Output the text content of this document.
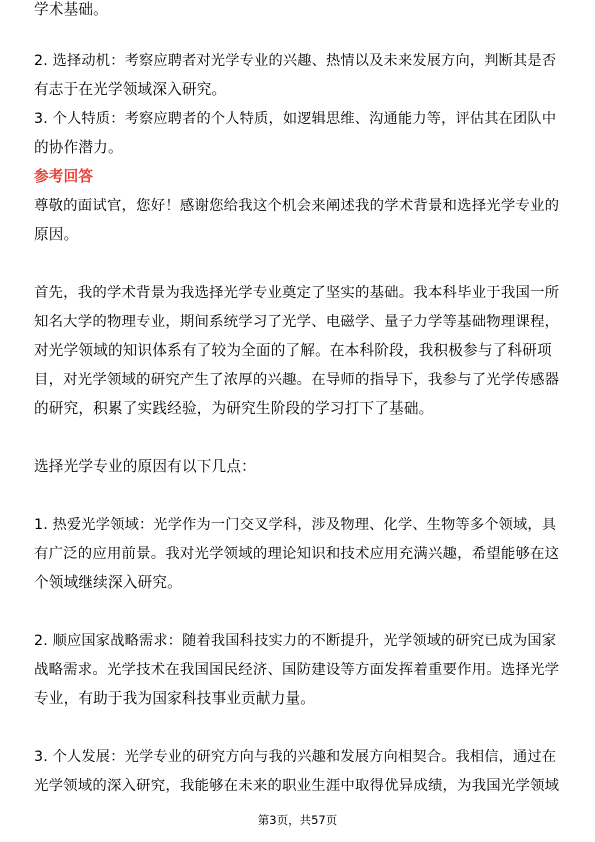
学术基础。
2. 选择动机：考察应聘者对光学专业的兴趣、热情以及未来发展方向，判断其是否
有志于在光学领域深入研究。
3. 个人特质：考察应聘者的个人特质，如逻辑思维、沟通能力等，评估其在团队中
的协作潜力。
参考回答
尊敬的面试官，您好！感谢您给我这个机会来阐述我的学术背景和选择光学专业的
原因。
首先，我的学术背景为我选择光学专业奠定了坚实的基础。我本科毕业于我国一所
知名大学的物理专业，期间系统学习了光学、电磁学、量子力学等基础物理课程，
对光学领域的知识体系有了较为全面的了解。在本科阶段，我积极参与了科研项
目，对光学领域的研究产生了浓厚的兴趣。在导师的指导下，我参与了光学传感器
的研究，积累了实践经验，为研究生阶段的学习打下了基础。
选择光学专业的原因有以下几点：
1. 热爱光学领域：光学作为一门交叉学科，涉及物理、化学、生物等多个领域，具
有广泛的应用前景。我对光学领域的理论知识和技术应用充满兴趣，希望能够在这
个领域继续深入研究。
2. 顺应国家战略需求：随着我国科技实力的不断提升，光学领域的研究已成为国家
战略需求。光学技术在我国国民经济、国防建设等方面发挥着重要作用。选择光学
专业，有助于我为国家科技事业贡献力量。
3. 个人发展：光学专业的研究方向与我的兴趣和发展方向相契合。我相信，通过在
光学领域的深入研究，我能够在未来的职业生涯中取得优异成绩，为我国光学领域
第3页，共57页
